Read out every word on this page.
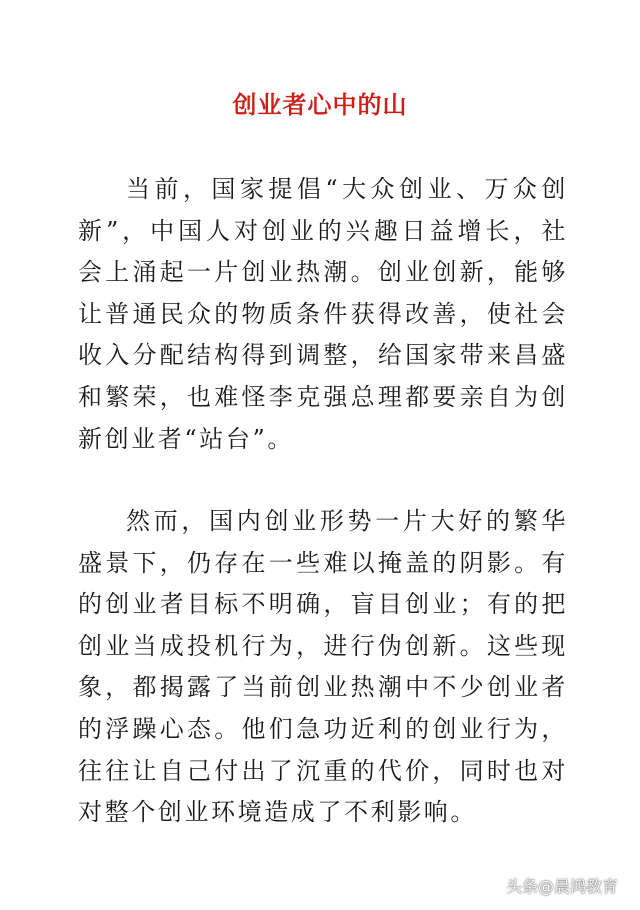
创业者心中的山

当前，国家提倡“大众创业、万众创新”，中国人对创业的兴趣日益增长，社会上涌起一片创业热潮。创业创新，能够让普通民众的物质条件获得改善，使社会收入分配结构得到调整，给国家带来昌盛和繁荣，也难怪李克强总理都要亲自为创新创业者“站台”。

然而，国内创业形势一片大好的繁华盛景下，仍存在一些难以掩盖的阴影。有的创业者目标不明确，盲目创业；有的把创业当成投机行为，进行伪创新。这些现象，都揭露了当前创业热潮中不少创业者的浮躁心态。他们急功近利的创业行为，往往让自己付出了沉重的代价，同时也对对整个创业环境造成了不利影响。

头条@晨鸿教育
